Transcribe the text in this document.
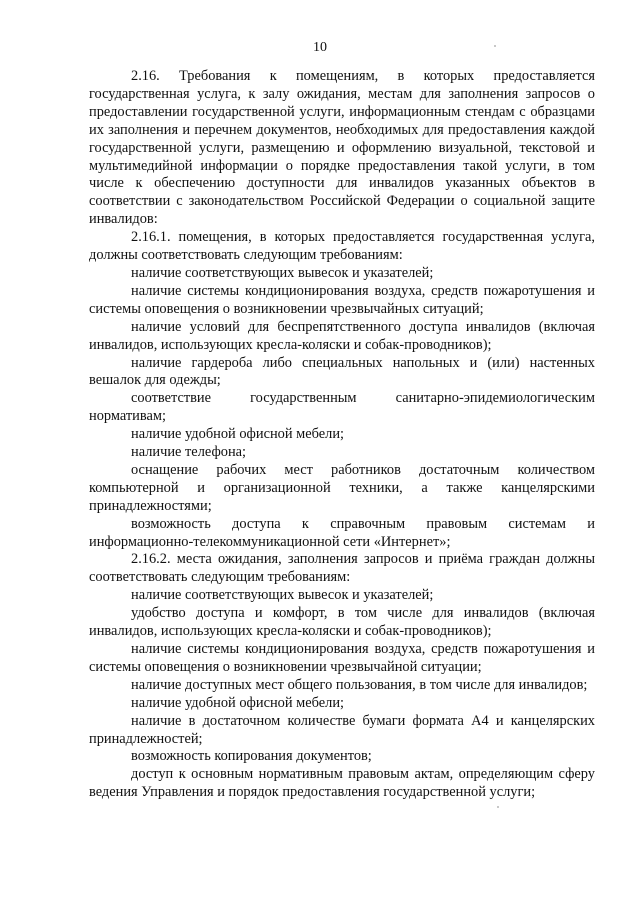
10

2.16. Требования к помещениям, в которых предоставляется государственная услуга, к залу ожидания, местам для заполнения запросов о предоставлении государственной услуги, информационным стендам с образцами их заполнения и перечнем документов, необходимых для предоставления каждой государственной услуги, размещению и оформлению визуальной, текстовой и мультимедийной информации о порядке предоставления такой услуги, в том числе к обеспечению доступности для инвалидов указанных объектов в соответствии с законодательством Российской Федерации о социальной защите инвалидов:

2.16.1. помещения, в которых предоставляется государственная услуга, должны соответствовать следующим требованиям:

наличие соответствующих вывесок и указателей;

наличие системы кондиционирования воздуха, средств пожаротушения и системы оповещения о возникновении чрезвычайных ситуаций;

наличие условий для беспрепятственного доступа инвалидов (включая инвалидов, использующих кресла-коляски и собак-проводников);

наличие гардероба либо специальных напольных и (или) настенных вешалок для одежды;

соответствие государственным санитарно-эпидемиологическим нормативам;

наличие удобной офисной мебели;

наличие телефона;

оснащение рабочих мест работников достаточным количеством компьютерной и организационной техники, а также канцелярскими принадлежностями;

возможность доступа к справочным правовым системам и информационно-телекоммуникационной сети «Интернет»;

2.16.2. места ожидания, заполнения запросов и приёма граждан должны соответствовать следующим требованиям:

наличие соответствующих вывесок и указателей;

удобство доступа и комфорт, в том числе для инвалидов (включая инвалидов, использующих кресла-коляски и собак-проводников);

наличие системы кондиционирования воздуха, средств пожаротушения и системы оповещения о возникновении чрезвычайной ситуации;

наличие доступных мест общего пользования, в том числе для инвалидов;

наличие удобной офисной мебели;

наличие в достаточном количестве бумаги формата А4 и канцелярских принадлежностей;

возможность копирования документов;

доступ к основным нормативным правовым актам, определяющим сферу ведения Управления и порядок предоставления государственной услуги;
